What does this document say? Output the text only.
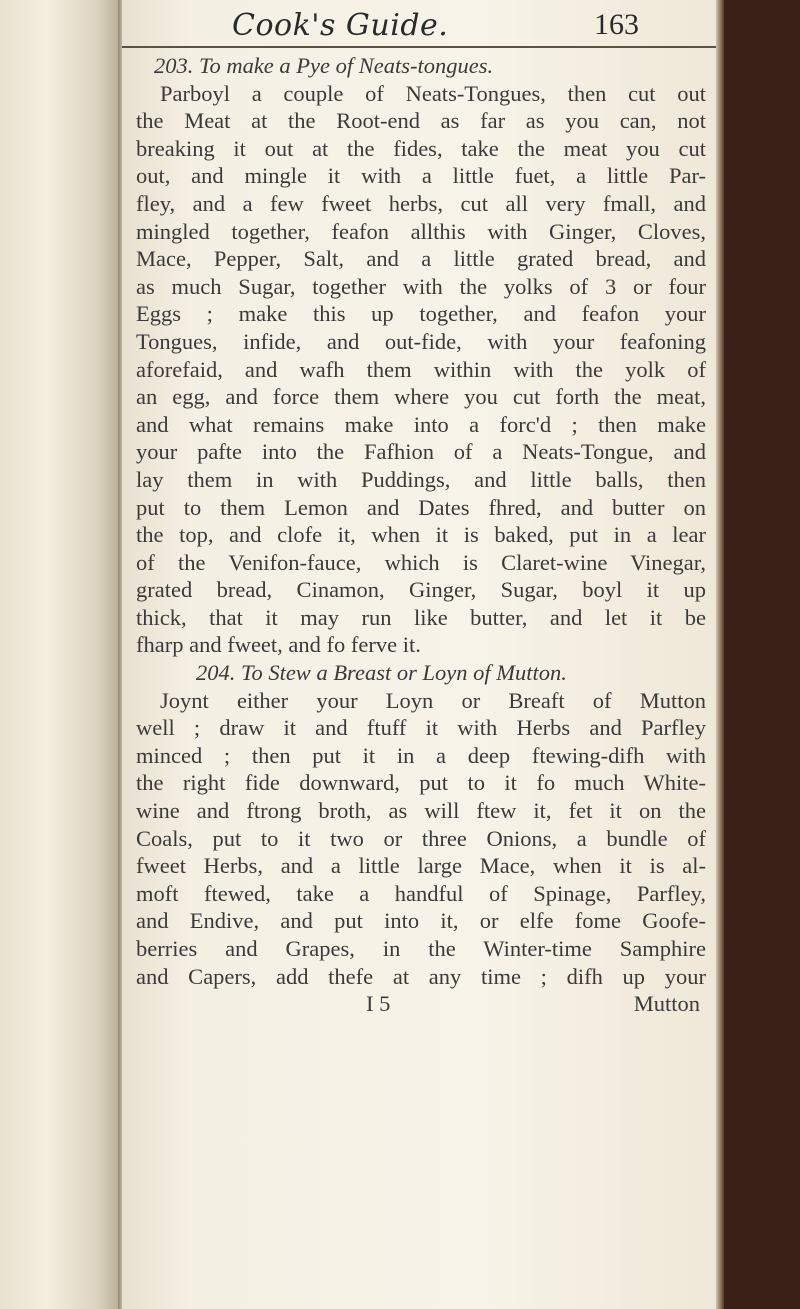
Cook's Guide.	163
203. To make a Pye of Neats-tongues.
Parboyl a couple of Neats-Tongues, then cut out
the Meat at the Root-end as far as you can, not
breaking it out at the fides, take the meat you cut
out, and mingle it with a little fuet, a little Par-
fley, and a few fweet herbs, cut all very fmall, and
mingled together, feafon allthis with Ginger, Cloves,
Mace, Pepper, Salt, and a little grated bread, and
as much Sugar, together with the yolks of 3 or four
Eggs ; make this up together, and feafon your
Tongues, infide, and out-fide, with your feafoning
aforefaid, and wafh them within with the yolk of
an egg, and force them where you cut forth the meat,
and what remains make into a forc'd ; then make
your pafte into the Fafhion of a Neats-Tongue, and
lay them in with Puddings, and little balls, then
put to them Lemon and Dates fhred, and butter on
the top, and clofe it, when it is baked, put in a lear
of the Venifon-fauce, which is Claret-wine Vinegar,
grated bread, Cinamon, Ginger, Sugar, boyl it up
thick, that it may run like butter, and let it be
fharp and fweet, and fo ferve it.
204. To Stew a Breast or Loyn of Mutton.
Joynt either your Loyn or Breaft of Mutton
well ; draw it and ftuff it with Herbs and Parfley
minced ; then put it in a deep ftewing-difh with
the right fide downward, put to it fo much White-
wine and ftrong broth, as will ftew it, fet it on the
Coals, put to it two or three Onions, a bundle of
fweet Herbs, and a little large Mace, when it is al-
moft ftewed, take a handful of Spinage, Parfley,
and Endive, and put into it, or elfe fome Goofe-
berries and Grapes, in the Winter-time Samphire
and Capers, add thefe at any time ; difh up your
I 5	Mutton
